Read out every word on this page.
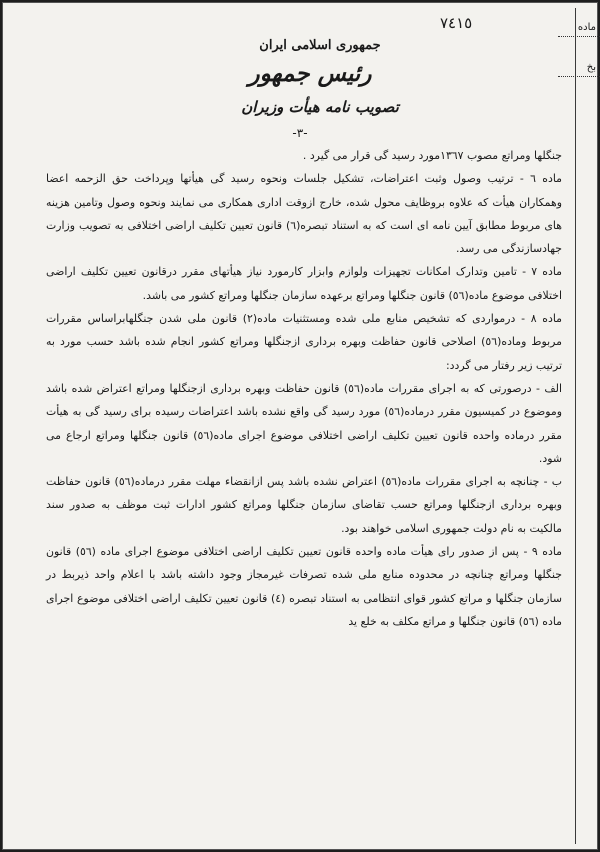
ماده
بخ
٧٤١٥
جمهوری اسلامی ایران
رئیس جمهور
تصویب نامه هیأت وزیران
-٣-

جنگلها ومراتع مصوب ١٣٦٧مورد رسید گی قرار می گیرد .

ماده ٦ - ترتیب وصول وثبت اعتراضات، تشکیل جلسات ونحوه رسید گی هیأتها وپرداخت حق الزحمه اعضا وهمکاران هیأت که علاوه بروظایف محول شده، خارج ازوقت اداری همکاری می نمایند ونحوه وصول وتامین هزینه های مربوط مطابق آیین نامه ای است که به استناد تبصره(٦) قانون تعیین تکلیف اراضی اختلافی به تصویب وزارت جهادسازندگی می رسد.

ماده ٧ - تامین وتدارک امکانات تجهیزات ولوازم وابزار کارمورد نیاز هیأتهای مقرر درقانون تعیین تکلیف اراضی اختلافی موضوع ماده(٥٦) قانون جنگلها ومراتع برعهده سازمان جنگلها ومراتع کشور می باشد.

ماده ٨ - درمواردی که تشخیص منابع ملی شده ومستثنیات ماده(٢) قانون ملی شدن جنگلهابراساس مقررات مربوط وماده(٥٦) اصلاحی قانون حفاظت وبهره برداری ازجنگلها ومراتع کشور انجام شده باشد حسب مورد به ترتیب زیر رفتار می گردد:

الف - درصورتی که به اجرای مقررات ماده(٥٦) قانون حفاظت وبهره برداری ازجنگلها ومراتع اعتراض شده باشد وموضوع در کمیسیون مقرر درماده(٥٦) مورد رسید گی واقع نشده باشد اعتراضات رسیده برای رسید گی به هیأت مقرر درماده واحده قانون تعیین تکلیف اراضی اختلافی موضوع اجرای ماده(٥٦) قانون جنگلها ومراتع ارجاع می شود.

ب - چنانچه به اجرای مقررات ماده(٥٦) اعتراض نشده باشد پس ازانقضاء مهلت مقرر درماده(٥٦) قانون حفاظت وبهره برداری ازجنگلها ومراتع حسب تقاضای سازمان جنگلها ومراتع کشور ادارات ثبت موظف به صدور سند مالکیت به نام دولت جمهوری اسلامی خواهند بود.

ماده ٩ - پس از صدور رای هیأت ماده واحده قانون تعیین تکلیف اراضی اختلافی موضوع اجرای ماده (٥٦) قانون جنگلها ومراتع چنانچه در محدوده منابع ملی شده تصرفات غیرمجاز وجود داشته باشد با اعلام واحد ذیربط در سازمان جنگلها و مراتع کشور قوای انتظامی به استناد تبصره (٤) قانون تعیین تکلیف اراضی اختلافی موضوع اجرای ماده (٥٦) قانون جنگلها و مراتع مکلف به خلع ید
